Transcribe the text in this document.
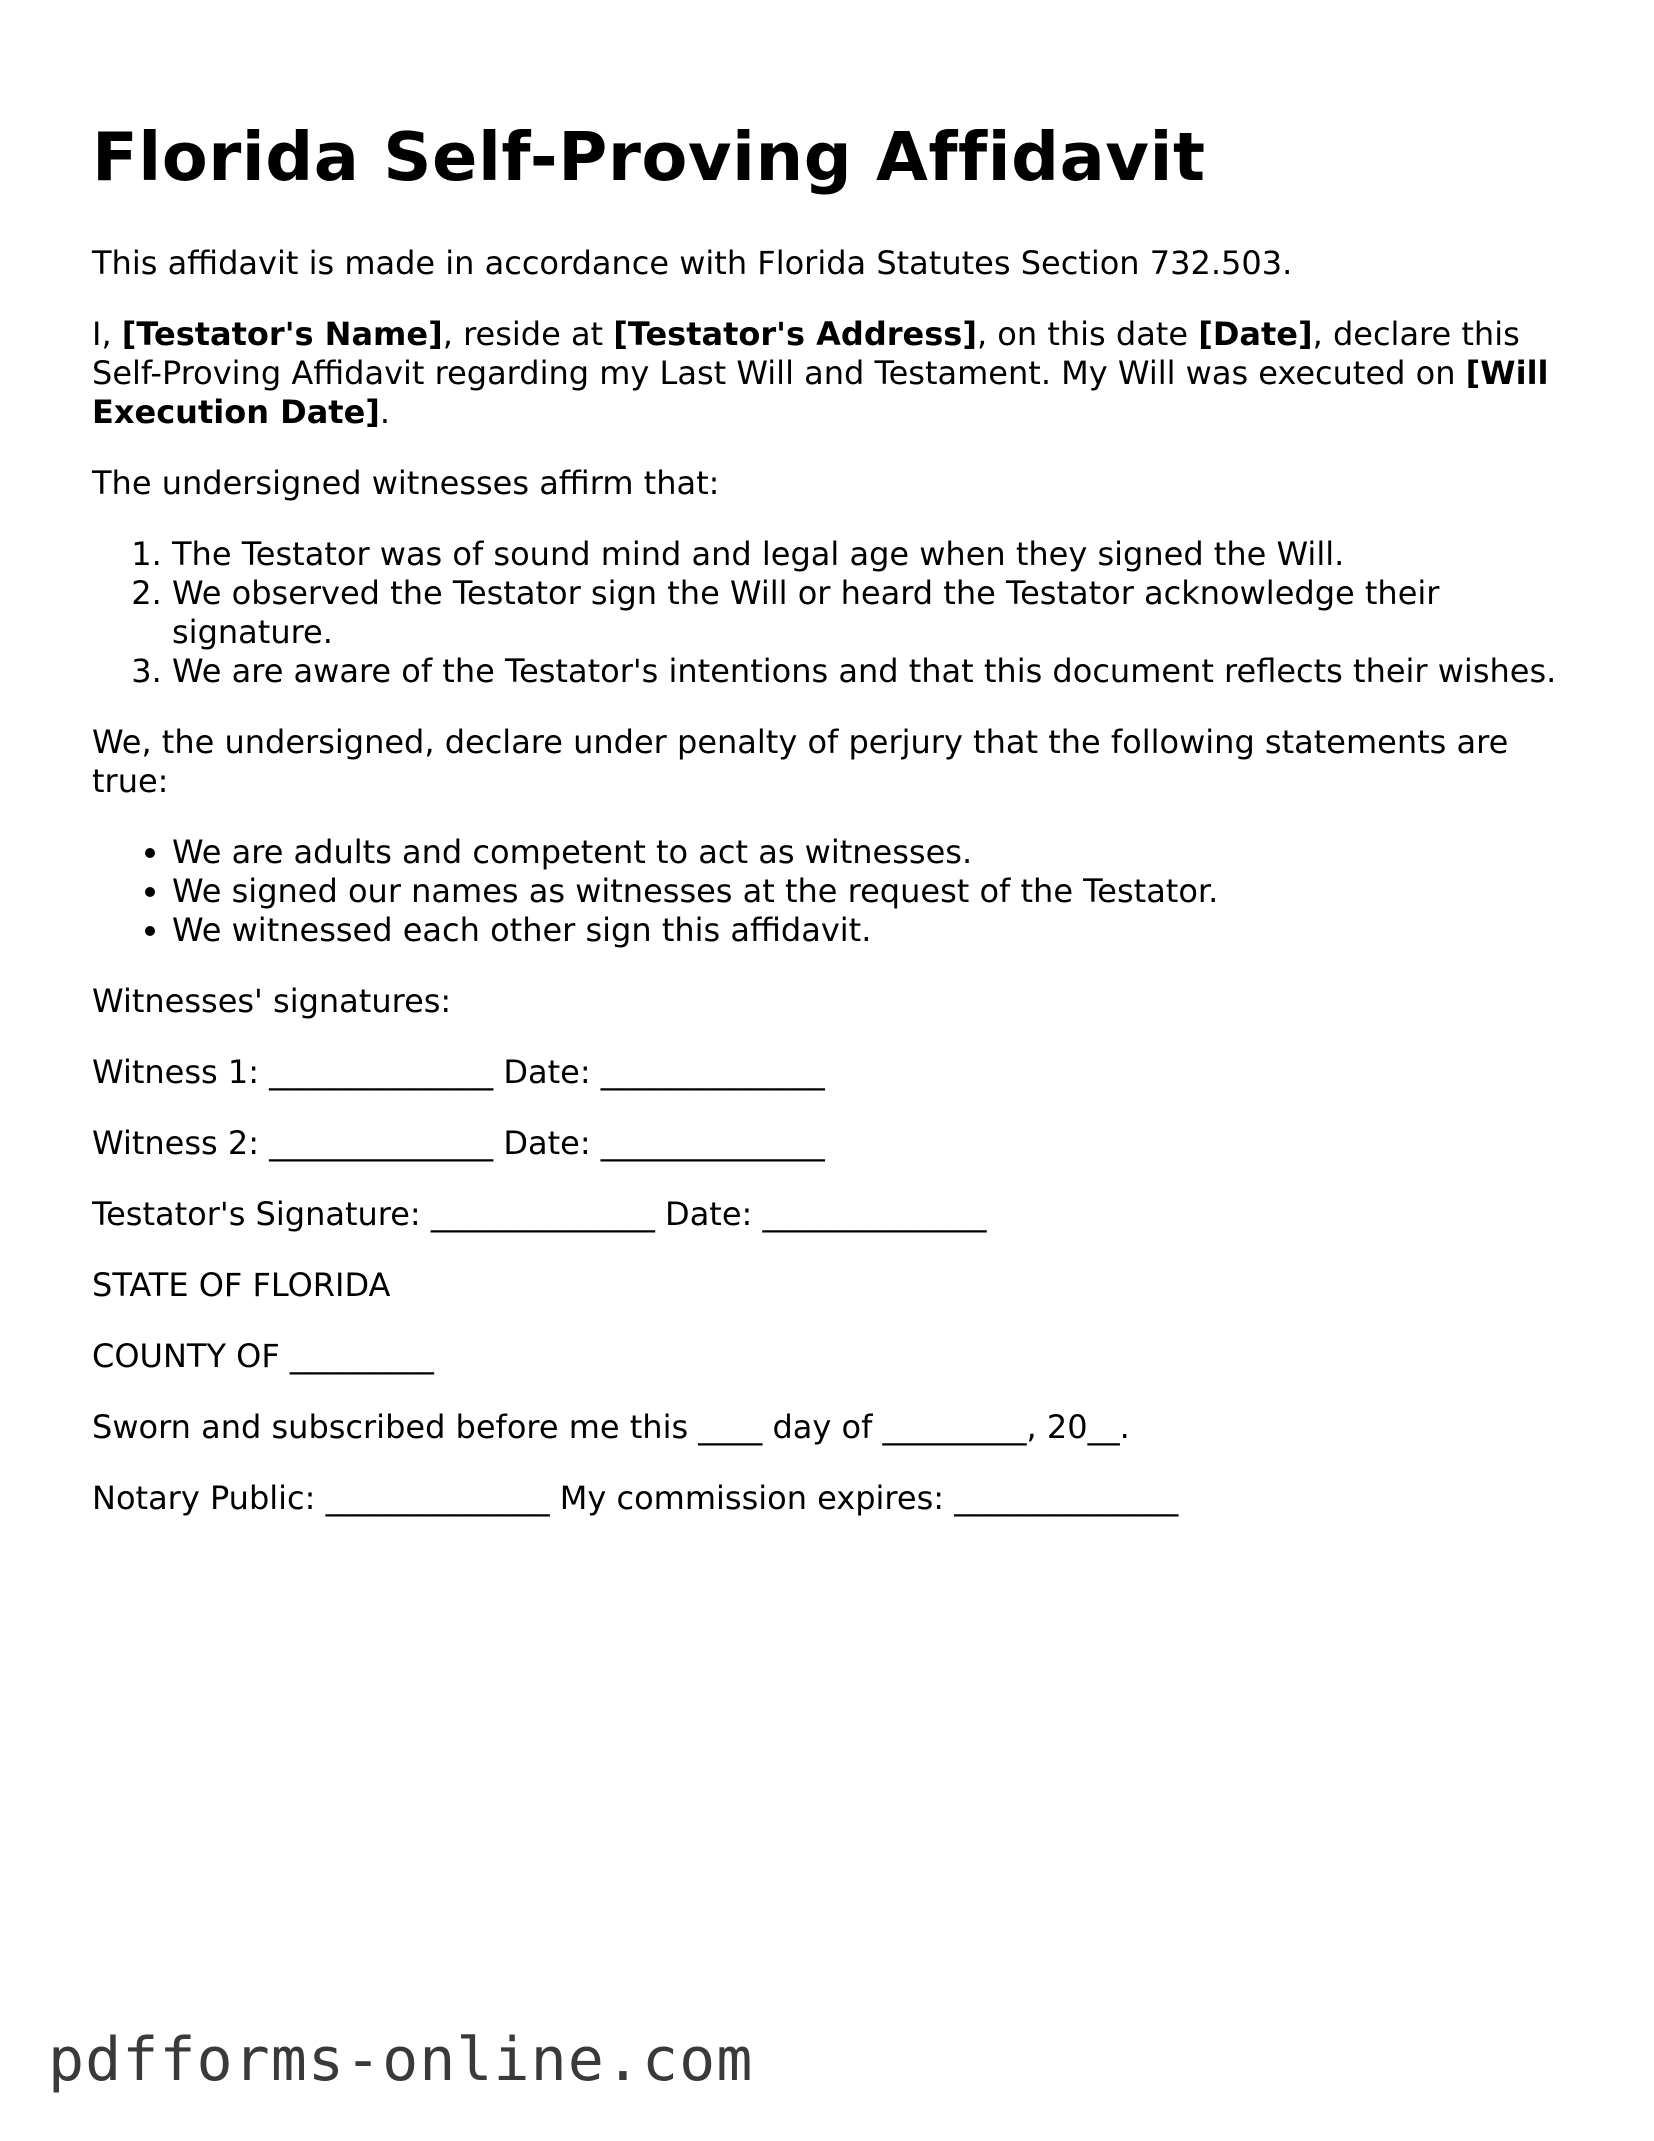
Florida Self-Proving Affidavit

This affidavit is made in accordance with Florida Statutes Section 732.503.

I, [Testator's Name], reside at [Testator's Address], on this date [Date], declare this Self-Proving Affidavit regarding my Last Will and Testament. My Will was executed on [Will Execution Date].

The undersigned witnesses affirm that:

1. The Testator was of sound mind and legal age when they signed the Will.
2. We observed the Testator sign the Will or heard the Testator acknowledge their signature.
3. We are aware of the Testator's intentions and that this document reflects their wishes.

We, the undersigned, declare under penalty of perjury that the following statements are true:

• We are adults and competent to act as witnesses.
• We signed our names as witnesses at the request of the Testator.
• We witnessed each other sign this affidavit.

Witnesses' signatures:

Witness 1: ______________ Date: ______________

Witness 2: ______________ Date: ______________

Testator's Signature: ______________ Date: ______________

STATE OF FLORIDA

COUNTY OF _________

Sworn and subscribed before me this ____ day of _________, 20__.

Notary Public: ______________ My commission expires: ______________

pdfforms-online.com
